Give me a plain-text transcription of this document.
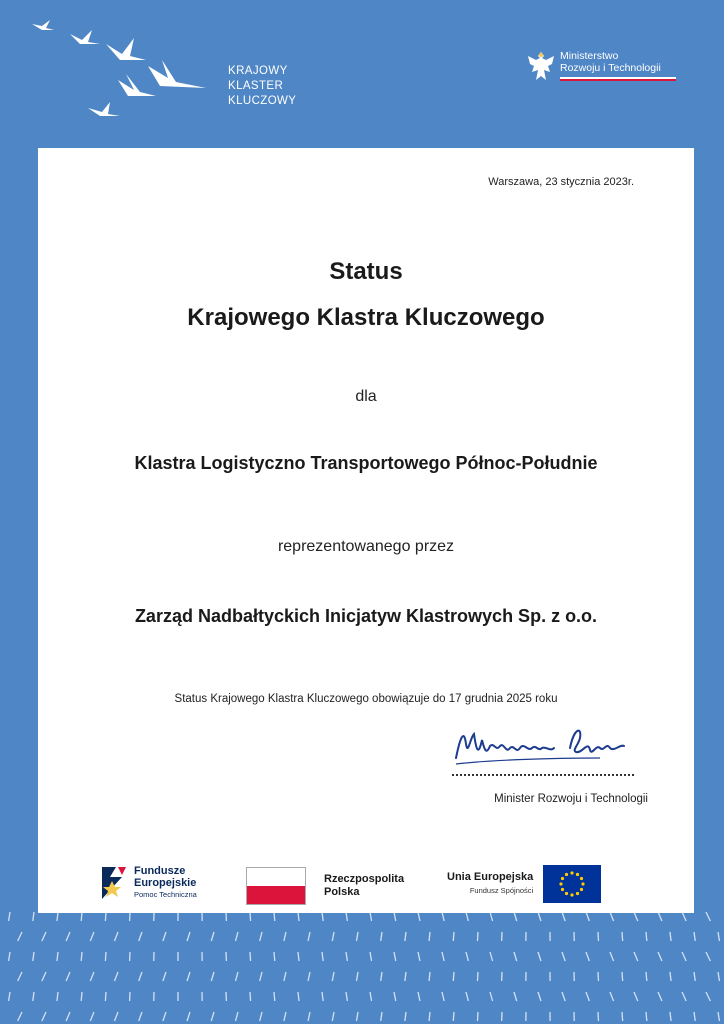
KRAJOWY
KLASTER
KLUCZOWY
Ministerstwo
Rozwoju i Technologii
Warszawa, 23 stycznia 2023r.
Status
Krajowego Klastra Kluczowego
dla
Klastra Logistyczno Transportowego Północ-Południe
reprezentowanego przez
Zarząd Nadbałtyckich Inicjatyw Klastrowych Sp. z o.o.
Status Krajowego Klastra Kluczowego obowiązuje do 17 grudnia 2025 roku
Minister Rozwoju i Technologii
Fundusze
Europejskie
Pomoc Techniczna
Rzeczpospolita
Polska
Unia Europejska
Fundusz Spójności
